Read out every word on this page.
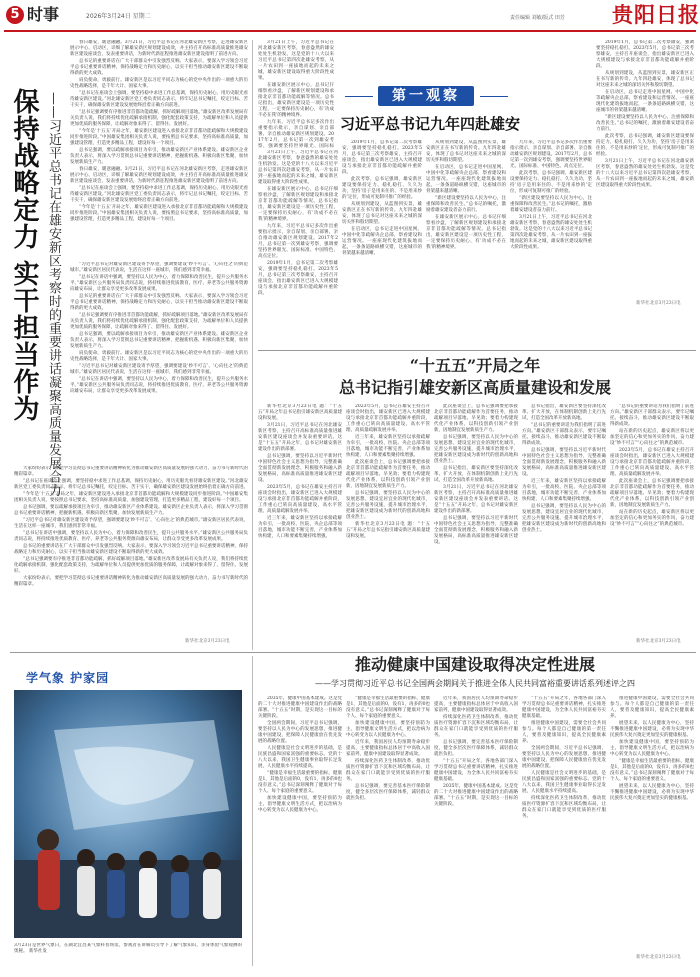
5 时事	2026年3月24日 星期二	责任编辑 刘敏/版式 田芳 贵阳日报
保持战略定力 实干担当作为 ——习近平总书记在雄安新区考察时的重要讲话凝聚高质量发展合力

春日雄安，暖意融融。3月21日，习近平总书记在河北雄安新区考察，走进雄安新区展示中心、启动区，详细了解雄安新区规划建设成效，并主持召开高标准高质量推进雄安新区建设座谈会，发表重要讲话，为新时代新征程推进雄安新区建设指明了前进方向。

总书记的重要讲话在广大干部群众中引发强烈反响。大家表示，要深入学习领会习近平总书记重要讲话精神，保持战略定力和历史耐心，以实干担当推动雄安新区建设不断取得新的更大成效。

肩负使命，勇毅前行。雄安新区是以习近平同志为核心的党中央作出的一项重大的历史性战略选择，是千年大计、国家大事。

“总书记在座谈会上强调，要坚持稳中求进工作总基调，保持历史耐心，用历史眼光看待雄安新区建设。”河北雄安新区党工委负责同志表示，将牢记总书记嘱托，咬定目标、苦干实干，确保雄安新区建设发展始终沿着正确方向前进。

“总书记强调要有序推进非首都功能疏解，抓好疏解项目落地。”雄安新区改革发展局有关负责人说，我们将持续优化疏解承接机制，强化配套政策支持，为疏解单位和人员提供更加优质的服务保障，让疏解对象来得了、留得住、发展好。

“今年是‘十五五’开局之年，雄安新区建设进入承接北京非首都功能疏解和大规模建设同步推进阶段。”中国雄安集团相关负责人说，要按照总书记要求，坚持高标准高质量，加强建设管理，打造更多精品工程，建设好每一个项目。

总书记强调，要以疏解承接项目为牵引，推动雄安新区产业体系建设。雄安新区企业负责人表示，将深入学习贯彻总书记重要讲话精神，把握新机遇、积极向新区集聚，加快发展新质生产力。

春日雄安，暖意融融。3月21日，习近平总书记在河北雄安新区考察，走进雄安新区展示中心、启动区，详细了解雄安新区规划建设成效，并主持召开高标准高质量推进雄安新区建设座谈会，发表重要讲话，为新时代新征程推进雄安新区建设指明了前进方向。

“总书记在座谈会上强调，要坚持稳中求进工作总基调，保持历史耐心，用历史眼光看待雄安新区建设。”河北雄安新区党工委负责同志表示，将牢记总书记嘱托，咬定目标、苦干实干，确保雄安新区建设发展始终沿着正确方向前进。

“今年是‘十五五’开局之年，雄安新区建设进入承接北京非首都功能疏解和大规模建设同步推进阶段。”中国雄安集团相关负责人说，要按照总书记要求，坚持高标准高质量，加强建设管理，打造更多精品工程，建设好每一个项目。

“习近平总书记对雄安新区建设寄予厚望，强调要建设‘妙不可言’、‘心向往之’的典范城市。”雄安新区居民代表说，生活在这样一座城市，我们感到非常幸福。

“总书记在讲话中强调，要坚持以人民为中心，着力保障和改善民生，提升公共服务水平。”雄安新区公共服务局负责同志说，将持续推进优质教育、医疗、养老等公共服务资源向雄安布局，让群众享受更多改革发展成果。

总书记的重要讲话在广大干部群众中引发强烈反响。大家表示，要深入学习领会习近平总书记重要讲话精神，保持战略定力和历史耐心，以实干担当推动雄安新区建设不断取得新的更大成效。

“总书记强调要有序推进非首都功能疏解，抓好疏解项目落地。”雄安新区改革发展局有关负责人说，我们将持续优化疏解承接机制，强化配套政策支持，为疏解单位和人员提供更加优质的服务保障，让疏解对象来得了、留得住、发展好。

总书记强调，要以疏解承接项目为牵引，推动雄安新区产业体系建设。雄安新区企业负责人表示，将深入学习贯彻总书记重要讲话精神，把握新机遇、积极向新区集聚，加快发展新质生产力。

肩负使命，勇毅前行。雄安新区是以习近平同志为核心的党中央作出的一项重大的历史性战略选择，是千年大计、国家大事。

“习近平总书记对雄安新区建设寄予厚望，强调要建设‘妙不可言’、‘心向往之’的典范城市。”雄安新区居民代表说，生活在这样一座城市，我们感到非常幸福。

“总书记在讲话中强调，要坚持以人民为中心，着力保障和改善民生，提升公共服务水平。”雄安新区公共服务局负责同志说，将持续推进优质教育、医疗、养老等公共服务资源向雄安布局，让群众享受更多改革发展成果。

大家纷纷表示，要把学习贯彻总书记重要讲话精神转化为推动雄安新区高质量发展的强大动力，奋力书写新时代的精彩篇章。

“总书记在座谈会上强调，要坚持稳中求进工作总基调，保持历史耐心，用历史眼光看待雄安新区建设。”河北雄安新区党工委负责同志表示，将牢记总书记嘱托，咬定目标、苦干实干，确保雄安新区建设发展始终沿着正确方向前进。

“今年是‘十五五’开局之年，雄安新区建设进入承接北京非首都功能疏解和大规模建设同步推进阶段。”中国雄安集团相关负责人说，要按照总书记要求，坚持高标准高质量，加强建设管理，打造更多精品工程，建设好每一个项目。

总书记强调，要以疏解承接项目为牵引，推动雄安新区产业体系建设。雄安新区企业负责人表示，将深入学习贯彻总书记重要讲话精神，把握新机遇、积极向新区集聚，加快发展新质生产力。

“习近平总书记对雄安新区建设寄予厚望，强调要建设‘妙不可言’、‘心向往之’的典范城市。”雄安新区居民代表说，生活在这样一座城市，我们感到非常幸福。

“总书记在讲话中强调，要坚持以人民为中心，着力保障和改善民生，提升公共服务水平。”雄安新区公共服务局负责同志说，将持续推进优质教育、医疗、养老等公共服务资源向雄安布局，让群众享受更多改革发展成果。

总书记的重要讲话在广大干部群众中引发强烈反响。大家表示，要深入学习领会习近平总书记重要讲话精神，保持战略定力和历史耐心，以实干担当推动雄安新区建设不断取得新的更大成效。

“总书记强调要有序推进非首都功能疏解，抓好疏解项目落地。”雄安新区改革发展局有关负责人说，我们将持续优化疏解承接机制，强化配套政策支持，为疏解单位和人员提供更加优质的服务保障，让疏解对象来得了、留得住、发展好。

大家纷纷表示，要把学习贯彻总书记重要讲话精神转化为推动雄安新区高质量发展的强大动力，奋力书写新时代的精彩篇章。

新华社北京3月23日电
第一观察
习近平总书记九年四赴雄安

3月21日上午，习近平总书记在河北雄安新区考察，春意盎然的雄安处处生机勃发。这是党的十八大以来习近平总书记第四次赴雄安考察，从一片农田到一座拔地而起的未来之城，雄安新区建设取得重大阶段性成果。

在雄安新区展示中心，总书记仔细察看沙盘，了解新区规划建设和承接北京非首都功能疏解等情况。总书记指出，雄安新区建设是一项历史性工程，一定要保持历史耐心，有‘功成不必在我’的精神境界。

九年来，习近平总书记多次作出重要指示批示，亲自谋划、亲自部署、亲自推动雄安新区规划建设。2017年2月，总书记第一次到雄安考察，强调要坚持世界眼光、国际标

3月21日上午，习近平总书记在河北雄安新区考察，春意盎然的雄安处处生机勃发。这是党的十八大以来习近平总书记第四次赴雄安考察，从一片农田到一座拔地而起的未来之城，雄安新区建设取得重大阶段性成果。

在雄安新区展示中心，总书记仔细察看沙盘，了解新区规划建设和承接北京非首都功能疏解等情况。总书记指出，雄安新区建设是一项历史性工程，一定要保持历史耐心，有‘功成不必在我’的精神境界。

九年来，习近平总书记多次作出重要指示批示，亲自谋划、亲自部署、亲自推动雄安新区规划建设。2017年2月，总书记第一次到雄安考察，强调要坚持世界眼光、国际标准、中国特色、高点定位。

2019年1月，总书记第二次考察雄安，强调要坚持稳扎稳打。2023年5月，总书记第三次考察雄安，主持召开座谈会，指出雄安新区已进入大规模建设与承接北京非首都功能疏解并重阶段。

2019年1月，总书记第二次考察雄安，强调要坚持稳扎稳打。2023年5月，总书记第三次考察雄安，主持召开座谈会，指出雄安新区已进入大规模建设与承接北京非首都功能疏解并重阶段。

此次考察，总书记强调，雄安新区建设要保持定力、稳扎稳打、久久为功，坚持‘房子是用来住的、不是用来炒的’定位，形成可复制可推广的经验。

从规划到建设，从蓝图到实景，雄安新区正在书写新的传奇。九年四赴雄安，体现了总书记对这座未来之城的深切关怀和殷切期望。

在启动区，总书记走进中国星网、中国中化等疏解央企总部，察看建设和运营情况。一座座现代化建筑拔地而起，一条条道路纵横交错，这座城市的骨架越来越清晰。

从规划到建设，从蓝图到实景，雄安新区正在书写新的传奇。九年四赴雄安，体现了总书记对这座未来之城的深切关怀和殷切期望。

在启动区，总书记走进中国星网、中国中化等疏解央企总部，察看建设和运营情况。一座座现代化建筑拔地而起，一条条道路纵横交错，这座城市的骨架越来越清晰。

“新区建设要坚持以人民为中心，注重保障和改善民生。”总书记的嘱托，激励着雄安建设者奋力前行。

在雄安新区展示中心，总书记仔细察看沙盘，了解新区规划建设和承接北京非首都功能疏解等情况。总书记指出，雄安新区建设是一项历史性工程，一定要保持历史耐心，有‘功成不必在我’的精神境界。

九年来，习近平总书记多次作出重要指示批示，亲自谋划、亲自部署、亲自推动雄安新区规划建设。2017年2月，总书记第一次到雄安考察，强调要坚持世界眼光、国际标准、中国特色、高点定位。

此次考察，总书记强调，雄安新区建设要保持定力、稳扎稳打、久久为功，坚持‘房子是用来住的、不是用来炒的’定位，形成可复制可推广的经验。

“新区建设要坚持以人民为中心，注重保障和改善民生。”总书记的嘱托，激励着雄安建设者奋力前行。

3月21日上午，习近平总书记在河北雄安新区考察，春意盎然的雄安处处生机勃发。这是党的十八大以来习近平总书记第四次赴雄安考察，从一片农田到一座拔地而起的未来之城，雄安新区建设取得重大阶段性成果。

2019年1月，总书记第二次考察雄安，强调要坚持稳扎稳打。2023年5月，总书记第三次考察雄安，主持召开座谈会，指出雄安新区已进入大规模建设与承接北京非首都功能疏解并重阶段。

从规划到建设，从蓝图到实景，雄安新区正在书写新的传奇。九年四赴雄安，体现了总书记对这座未来之城的深切关怀和殷切期望。

在启动区，总书记走进中国星网、中国中化等疏解央企总部，察看建设和运营情况。一座座现代化建筑拔地而起，一条条道路纵横交错，这座城市的骨架越来越清晰。

“新区建设要坚持以人民为中心，注重保障和改善民生。”总书记的嘱托，激励着雄安建设者奋力前行。

此次考察，总书记强调，雄安新区建设要保持定力、稳扎稳打、久久为功，坚持‘房子是用来住的、不是用来炒的’定位，形成可复制可推广的经验。

3月21日上午，习近平总书记在河北雄安新区考察，春意盎然的雄安处处生机勃发。这是党的十八大以来习近平总书记第四次赴雄安考察，从一片农田到一座拔地而起的未来之城，雄安新区建设取得重大阶段性成果。

新华社北京3月23日电
“十五五”开局之年
总书记指引雄安新区高质量建设和发展

新华社北京3月23日电 题：“十五五”开局之年总书记指引雄安新区高质量建设和发展。

3月21日，习近平总书记在河北雄安新区考察，主持召开高标准高质量推进雄安新区建设座谈会并发表重要讲话。这是“十五五”开局之年，总书记对雄安新区建设作出的新部署。

总书记强调，要坚持以习近平新时代中国特色社会主义思想为指导，完整准确全面贯彻新发展理念，积极服务和融入新发展格局，高标准高质量推进雄安新区建设。

2023年5月，总书记在雄安主持召开座谈会时指出，雄安新区已进入大规模建设与承接北京非首都功能疏解并重阶段，工作重心已转向高质量建设、高水平管理、高质量疏解发展并举。

近三年来，雄安新区坚持以承接疏解为牵引，一批高校、医院、央企总部等项目落地，城市功能不断完善，产业体系加快构建，人口和要素集聚持续增强。

2023年5月，总书记在雄安主持召开座谈会时指出，雄安新区已进入大规模建设与承接北京非首都功能疏解并重阶段，工作重心已转向高质量建设、高水平管理、高质量疏解发展并举。

近三年来，雄安新区坚持以承接疏解为牵引，一批高校、医院、央企总部等项目落地，城市功能不断完善，产业体系加快构建，人口和要素集聚持续增强。

此次座谈会上，总书记强调要把承接北京非首都功能疏解作为首要任务，推动疏解项目早落地、早见效；要着力构建现代化产业体系，以科技创新引领产业创新，因地制宜发展新质生产力。

总书记强调，要坚持以人民为中心的发展思想，建设宜居宜业的现代化城市，完善公共服务设施，提升城市治理水平，把雄安新区建设成为新时代的创新高地和创业热土。

新华社北京3月23日电 题：“十五五”开局之年总书记指引雄安新区高质量建设和发展。

此次座谈会上，总书记强调要把承接北京非首都功能疏解作为首要任务，推动疏解项目早落地、早见效；要着力构建现代化产业体系，以科技创新引领产业创新，因地制宜发展新质生产力。

总书记强调，要坚持以人民为中心的发展思想，建设宜居宜业的现代化城市，完善公共服务设施，提升城市治理水平，把雄安新区建设成为新时代的创新高地和创业热土。

总书记指出，雄安新区要坚持深化改革、扩大开放，在体制机制创新上先行先试，打造全国改革开放新高地。

3月21日，习近平总书记在河北雄安新区考察，主持召开高标准高质量推进雄安新区建设座谈会并发表重要讲话。这是“十五五”开局之年，总书记对雄安新区建设作出的新部署。

总书记强调，要坚持以习近平新时代中国特色社会主义思想为指导，完整准确全面贯彻新发展理念，积极服务和融入新发展格局，高标准高质量推进雄安新区建设。

总书记指出，雄安新区要坚持深化改革、扩大开放，在体制机制创新上先行先试，打造全国改革开放新高地。

“总书记的重要讲话为我们指明了前进方向。”雄安新区干部群众表示，要牢记嘱托、接续奋斗，推动雄安新区建设不断取得新成效。

总书记强调，要坚持以习近平新时代中国特色社会主义思想为指导，完整准确全面贯彻新发展理念，积极服务和融入新发展格局，高标准高质量推进雄安新区建设。

近三年来，雄安新区坚持以承接疏解为牵引，一批高校、医院、央企总部等项目落地，城市功能不断完善，产业体系加快构建，人口和要素集聚持续增强。

总书记强调，要坚持以人民为中心的发展思想，建设宜居宜业的现代化城市，完善公共服务设施，提升城市治理水平，把雄安新区建设成为新时代的创新高地和创业热土。

“总书记的重要讲话为我们指明了前进方向。”雄安新区干部群众表示，要牢记嘱托、接续奋斗，推动雄安新区建设不断取得新成效。

站在新的历史起点，雄安新区将以更加坚定的信心和更加务实的作风，奋力建设“妙不可言”“心向往之”的典范城市。

2023年5月，总书记在雄安主持召开座谈会时指出，雄安新区已进入大规模建设与承接北京非首都功能疏解并重阶段，工作重心已转向高质量建设、高水平管理、高质量疏解发展并举。

此次座谈会上，总书记强调要把承接北京非首都功能疏解作为首要任务，推动疏解项目早落地、早见效；要着力构建现代化产业体系，以科技创新引领产业创新，因地制宜发展新质生产力。

站在新的历史起点，雄安新区将以更加坚定的信心和更加务实的作风，奋力建设“妙不可言”“心向往之”的典范城市。

新华社北京3月23日电
学气象 护家园
3月23日是世界气象日，在湖北宜昌某气象科普场馆，参观者在讲解员引导下了解气象知识，亲身体验气象观测的奥秘。 新华社发
推动健康中国建设取得决定性进展
——学习贯彻习近平总书记全国两会期间关于推进全体人民共同富裕重要讲话系列述评之四

2035年，健康中国基本建成。这是党的二十大对推进健康中国建设作出的战略部署。“十五五”时期，是实现这一目标的关键阶段。

全国两会期间，习近平总书记强调，要坚持以人民为中心的发展思想，推进健康中国建设，把保障人民健康放在优先发展的战略位置。

人民健康是社会文明进步的基础，是民族昌盛和国家富强的重要标志。党的十八大以来，我国卫生健康事业取得长足发展，人民健康水平持续提高。

“健康是幸福生活最重要的指标，健康是1，其他是后面的0，没有1，再多的0也没有意义。”总书记深刻阐释了健康对于每个人、每个家庭的重要意义。

加快建设健康中国，要坚持预防为主，倡导健康文明生活方式，把以治病为中心转变为以人民健康为中心。

“健康是幸福生活最重要的指标，健康是1，其他是后面的0，没有1，再多的0也没有意义。”总书记深刻阐释了健康对于每个人、每个家庭的重要意义。

加快建设健康中国，要坚持预防为主，倡导健康文明生活方式，把以治病为中心转变为以人民健康为中心。

近年来，我国居民人均预期寿命稳步提高，主要健康指标总体居于中高收入国家前列，健康中国建设取得显著成效。

持续深化医药卫生体制改革，推动优质医疗资源扩容下沉和区域均衡布局，让群众在家门口就能享受到优质的医疗服务。

总书记强调，要完善基本医疗保险制度，健全多层次医疗保障体系，减轻群众就医负担。

近年来，我国居民人均预期寿命稳步提高，主要健康指标总体居于中高收入国家前列，健康中国建设取得显著成效。

持续深化医药卫生体制改革，推动优质医疗资源扩容下沉和区域均衡布局，让群众在家门口就能享受到优质的医疗服务。

总书记强调，要完善基本医疗保险制度，健全多层次医疗保障体系，减轻群众就医负担。

“十五五”开局之年，各地各部门深入学习贯彻总书记重要讲话精神，扎实推进健康中国建设，为全体人民共同富裕夯实健康基础。

2035年，健康中国基本建成。这是党的二十大对推进健康中国建设作出的战略部署。“十五五”时期，是实现这一目标的关键阶段。

“十五五”开局之年，各地各部门深入学习贯彻总书记重要讲话精神，扎实推进健康中国建设，为全体人民共同富裕夯实健康基础。

推进健康中国建设，需要全社会共同参与。每个人都是自己健康的第一责任人，要普及健康知识，提高全民健康素养。

全国两会期间，习近平总书记强调，要坚持以人民为中心的发展思想，推进健康中国建设，把保障人民健康放在优先发展的战略位置。

人民健康是社会文明进步的基础，是民族昌盛和国家富强的重要标志。党的十八大以来，我国卫生健康事业取得长足发展，人民健康水平持续提高。

持续深化医药卫生体制改革，推动优质医疗资源扩容下沉和区域均衡布局，让群众在家门口就能享受到优质的医疗服务。

推进健康中国建设，需要全社会共同参与。每个人都是自己健康的第一责任人，要普及健康知识，提高全民健康素养。

展望未来，以人民健康为中心，坚持不懈推进健康中国建设，必将为实现中华民族伟大复兴奠定更加坚实的健康根基。

加快建设健康中国，要坚持预防为主，倡导健康文明生活方式，把以治病为中心转变为以人民健康为中心。

“健康是幸福生活最重要的指标，健康是1，其他是后面的0，没有1，再多的0也没有意义。”总书记深刻阐释了健康对于每个人、每个家庭的重要意义。

展望未来，以人民健康为中心，坚持不懈推进健康中国建设，必将为实现中华民族伟大复兴奠定更加坚实的健康根基。

新华社北京3月23日电
